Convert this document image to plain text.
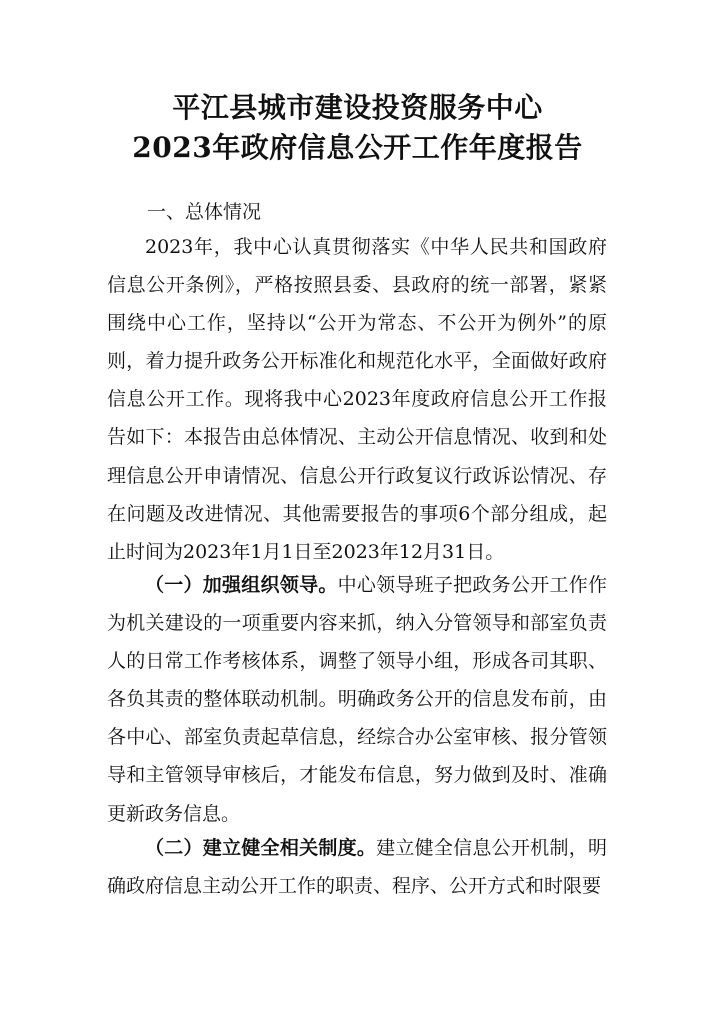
平江县城市建设投资服务中心
2023年政府信息公开工作年度报告
一、总体情况

2023年，我中心认真贯彻落实《中华人民共和国政府信息公开条例》，严格按照县委、县政府的统一部署，紧紧围绕中心工作，坚持以“公开为常态、不公开为例外”的原则，着力提升政务公开标准化和规范化水平，全面做好政府信息公开工作。现将我中心2023年度政府信息公开工作报告如下：本报告由总体情况、主动公开信息情况、收到和处理信息公开申请情况、信息公开行政复议行政诉讼情况、存在问题及改进情况、其他需要报告的事项6个部分组成，起止时间为2023年1月1日至2023年12月31日。

（一）加强组织领导。中心领导班子把政务公开工作作为机关建设的一项重要内容来抓，纳入分管领导和部室负责人的日常工作考核体系，调整了领导小组，形成各司其职、各负其责的整体联动机制。明确政务公开的信息发布前，由各中心、部室负责起草信息，经综合办公室审核、报分管领导和主管领导审核后，才能发布信息，努力做到及时、准确更新政务信息。

（二）建立健全相关制度。建立健全信息公开机制，明确政府信息主动公开工作的职责、程序、公开方式和时限要
